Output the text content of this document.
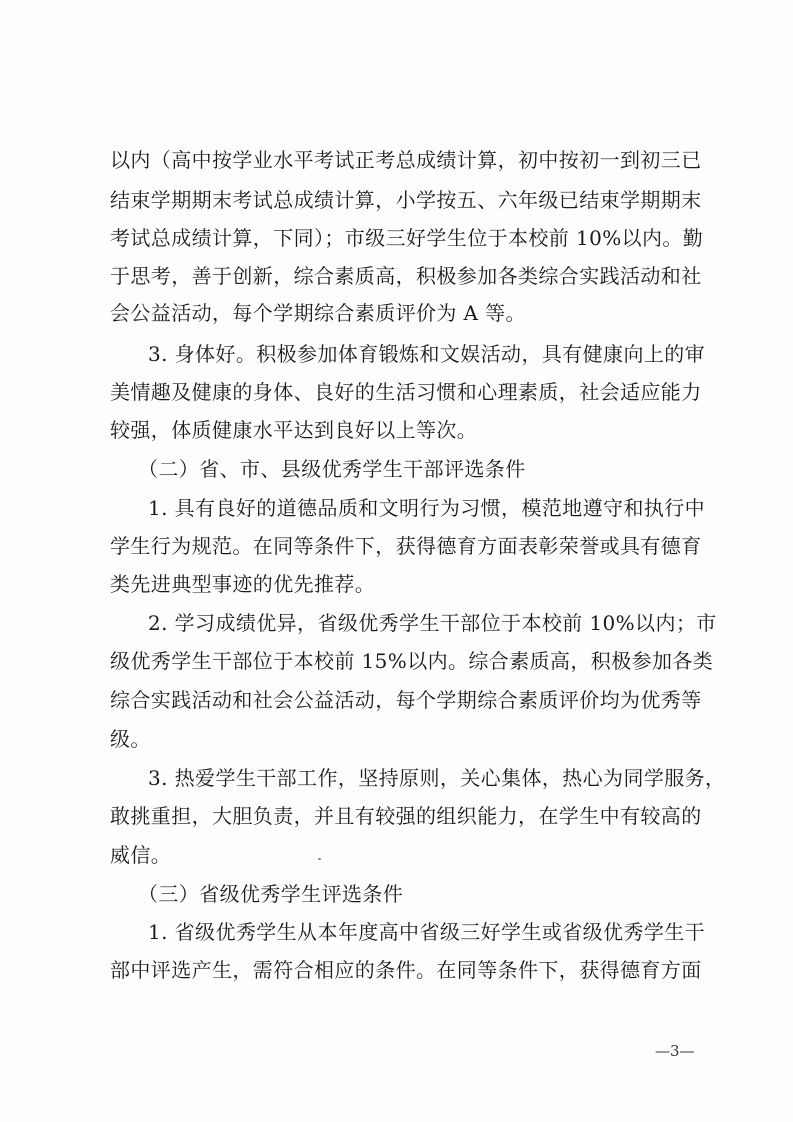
以内（高中按学业水平考试正考总成绩计算，初中按初一到初三已
结束学期期末考试总成绩计算，小学按五、六年级已结束学期期末
考试总成绩计算，下同）；市级三好学生位于本校前 10%以内。勤
于思考，善于创新，综合素质高，积极参加各类综合实践活动和社
会公益活动，每个学期综合素质评价为 A 等。
3. 身体好。积极参加体育锻炼和文娱活动，具有健康向上的审
美情趣及健康的身体、良好的生活习惯和心理素质，社会适应能力
较强，体质健康水平达到良好以上等次。
（二）省、市、县级优秀学生干部评选条件
1. 具有良好的道德品质和文明行为习惯，模范地遵守和执行中
学生行为规范。在同等条件下，获得德育方面表彰荣誉或具有德育
类先进典型事迹的优先推荐。
2. 学习成绩优异，省级优秀学生干部位于本校前 10%以内；市
级优秀学生干部位于本校前 15%以内。综合素质高，积极参加各类
综合实践活动和社会公益活动，每个学期综合素质评价均为优秀等
级。
3. 热爱学生干部工作，坚持原则，关心集体，热心为同学服务，
敢挑重担，大胆负责，并且有较强的组织能力，在学生中有较高的
威信。
（三）省级优秀学生评选条件
1. 省级优秀学生从本年度高中省级三好学生或省级优秀学生干
部中评选产生，需符合相应的条件。在同等条件下，获得德育方面
—3—
